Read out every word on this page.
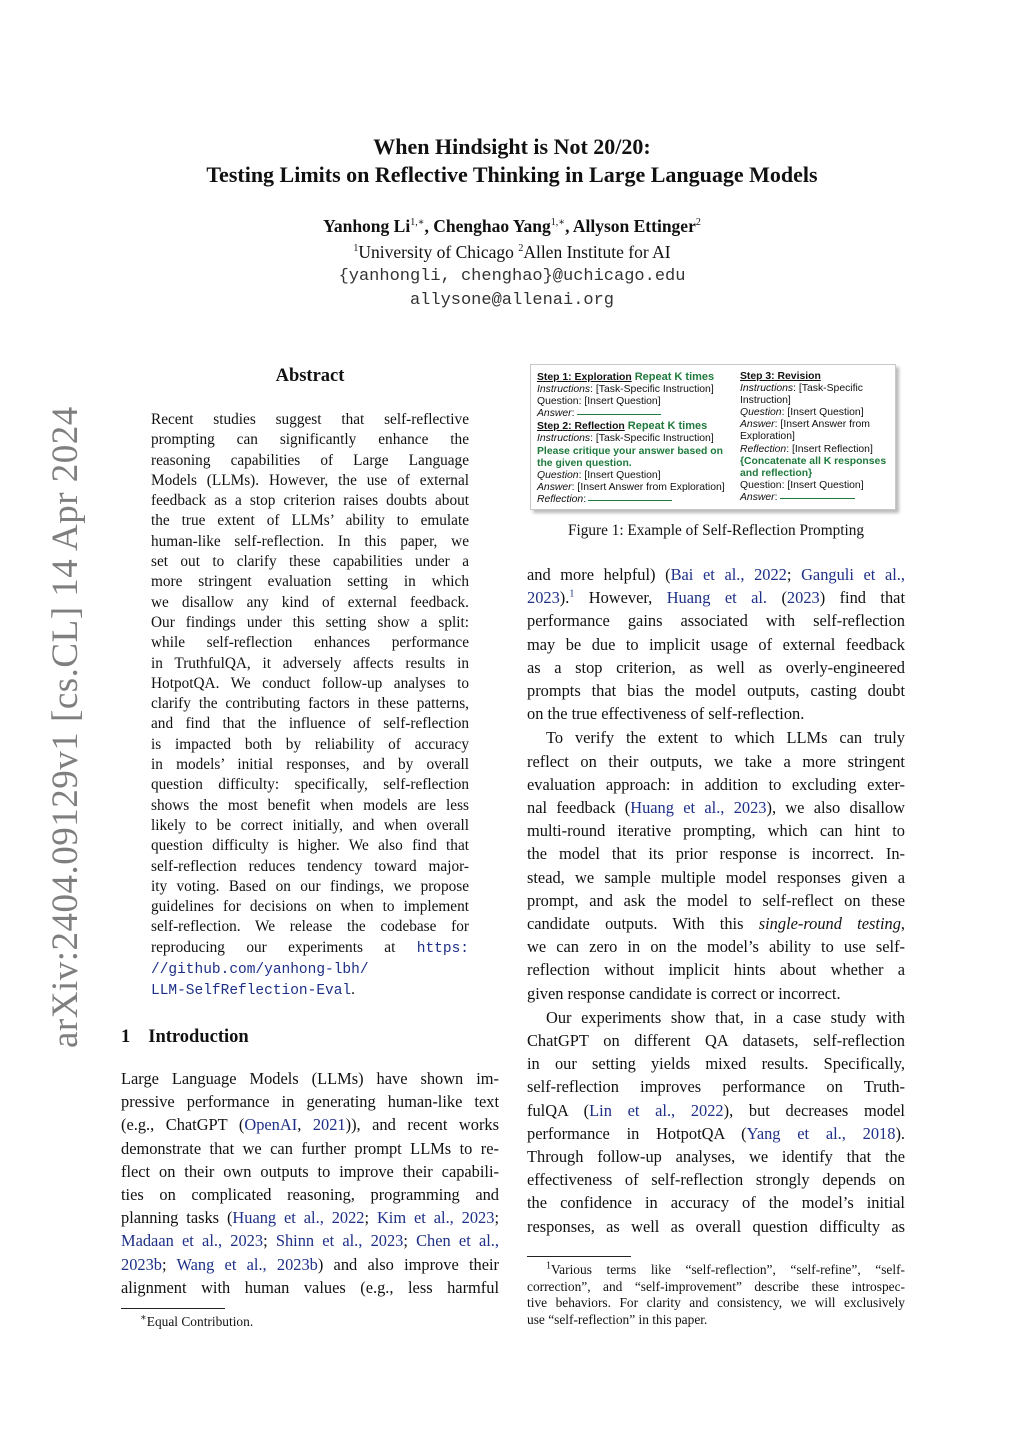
arXiv:2404.09129v1 [cs.CL] 14 Apr 2024
When Hindsight is Not 20/20:
Testing Limits on Reflective Thinking in Large Language Models
Yanhong $Li^{1,∗}$, Chenghao Yang$^{1,∗}$, Allyson Ettinger$^2$
$^1$University of Chicago $^2$Allen Institute for AI
{yanhongli, chenghao}@uchicago.edu
allysone@allenai.org
Abstract
Recent studies suggest that self-reflective
prompting can significantly enhance the
reasoning capabilities of Large Language
Models (LLMs). However, the use of external
feedback as a stop criterion raises doubts about
the true extent of LLMs’ ability to emulate
human-like self-reflection. In this paper, we
set out to clarify these capabilities under a
more stringent evaluation setting in which
we disallow any kind of external feedback.
Our findings under this setting show a split:
while self-reflection enhances performance
in TruthfulQA, it adversely affects results in
HotpotQA. We conduct follow-up analyses to
clarify the contributing factors in these patterns,
and find that the influence of self-reflection
is impacted both by reliability of accuracy
in models’ initial responses, and by overall
question difficulty: specifically, self-reflection
shows the most benefit when models are less
likely to be correct initially, and when overall
question difficulty is higher. We also find that
self-reflection reduces tendency toward major-
ity voting. Based on our findings, we propose
guidelines for decisions on when to implement
self-reflection. We release the codebase for
reproducing our experiments at https:
//github.com/yanhong-lbh/
LLM-SelfReflection-Eval.
1 Introduction
Large Language Models (LLMs) have shown im-
pressive performance in generating human-like text
(e.g., ChatGPT (OpenAI, 2021)), and recent works
demonstrate that we can further prompt LLMs to re-
flect on their own outputs to improve their capabili-
ties on complicated reasoning, programming and
planning tasks (Huang et al., 2022; Kim et al., 2023;
Madaan et al., 2023; Shinn et al., 2023; Chen et al.,
2023b; Wang et al., 2023b) and also improve their
alignment with human values (e.g., less harmful
∗Equal Contribution.
Step 1: Exploration Repeat K times
Instructions: [Task-Specific Instruction]
Question: [Insert Question]
Answer:
Step 2: Reflection Repeat K times
Instructions: [Task-Specific Instruction]
Please critique your answer based on
the given question.
Question: [Insert Question]
Answer: [Insert Answer from Exploration]
Reflection:
Step 3: Revision
Instructions: [Task-Specific
Instruction]
Question: [Insert Question]
Answer: [Insert Answer from
Exploration]
Reflection: [Insert Reflection]
{Concatenate all K responses
and reflection}
Question: [Insert Question]
Answer:
Figure 1: Example of Self-Reflection Prompting
and more helpful) (Bai et al., 2022; Ganguli et al.,
2023).$^1$ However, Huang et al. (2023) find that
performance gains associated with self-reflection
may be due to implicit usage of external feedback
as a stop criterion, as well as overly-engineered
prompts that bias the model outputs, casting doubt
on the true effectiveness of self-reflection.
To verify the extent to which LLMs can truly
reflect on their outputs, we take a more stringent
evaluation approach: in addition to excluding exter-
nal feedback (Huang et al., 2023), we also disallow
multi-round iterative prompting, which can hint to
the model that its prior response is incorrect. In-
stead, we sample multiple model responses given a
prompt, and ask the model to self-reflect on these
candidate outputs. With this single-round testing,
we can zero in on the model’s ability to use self-
reflection without implicit hints about whether a
given response candidate is correct or incorrect.
Our experiments show that, in a case study with
ChatGPT on different QA datasets, self-reflection
in our setting yields mixed results. Specifically,
self-reflection improves performance on Truth-
fulQA (Lin et al., 2022), but decreases model
performance in HotpotQA (Yang et al., 2018).
Through follow-up analyses, we identify that the
effectiveness of self-reflection strongly depends on
the confidence in accuracy of the model’s initial
responses, as well as overall question difficulty as
$^1$Various terms like “self-reflection”, “self-refine”, “self-
correction”, and “self-improvement” describe these introspec-
tive behaviors. For clarity and consistency, we will exclusively
use “self-reflection” in this paper.
